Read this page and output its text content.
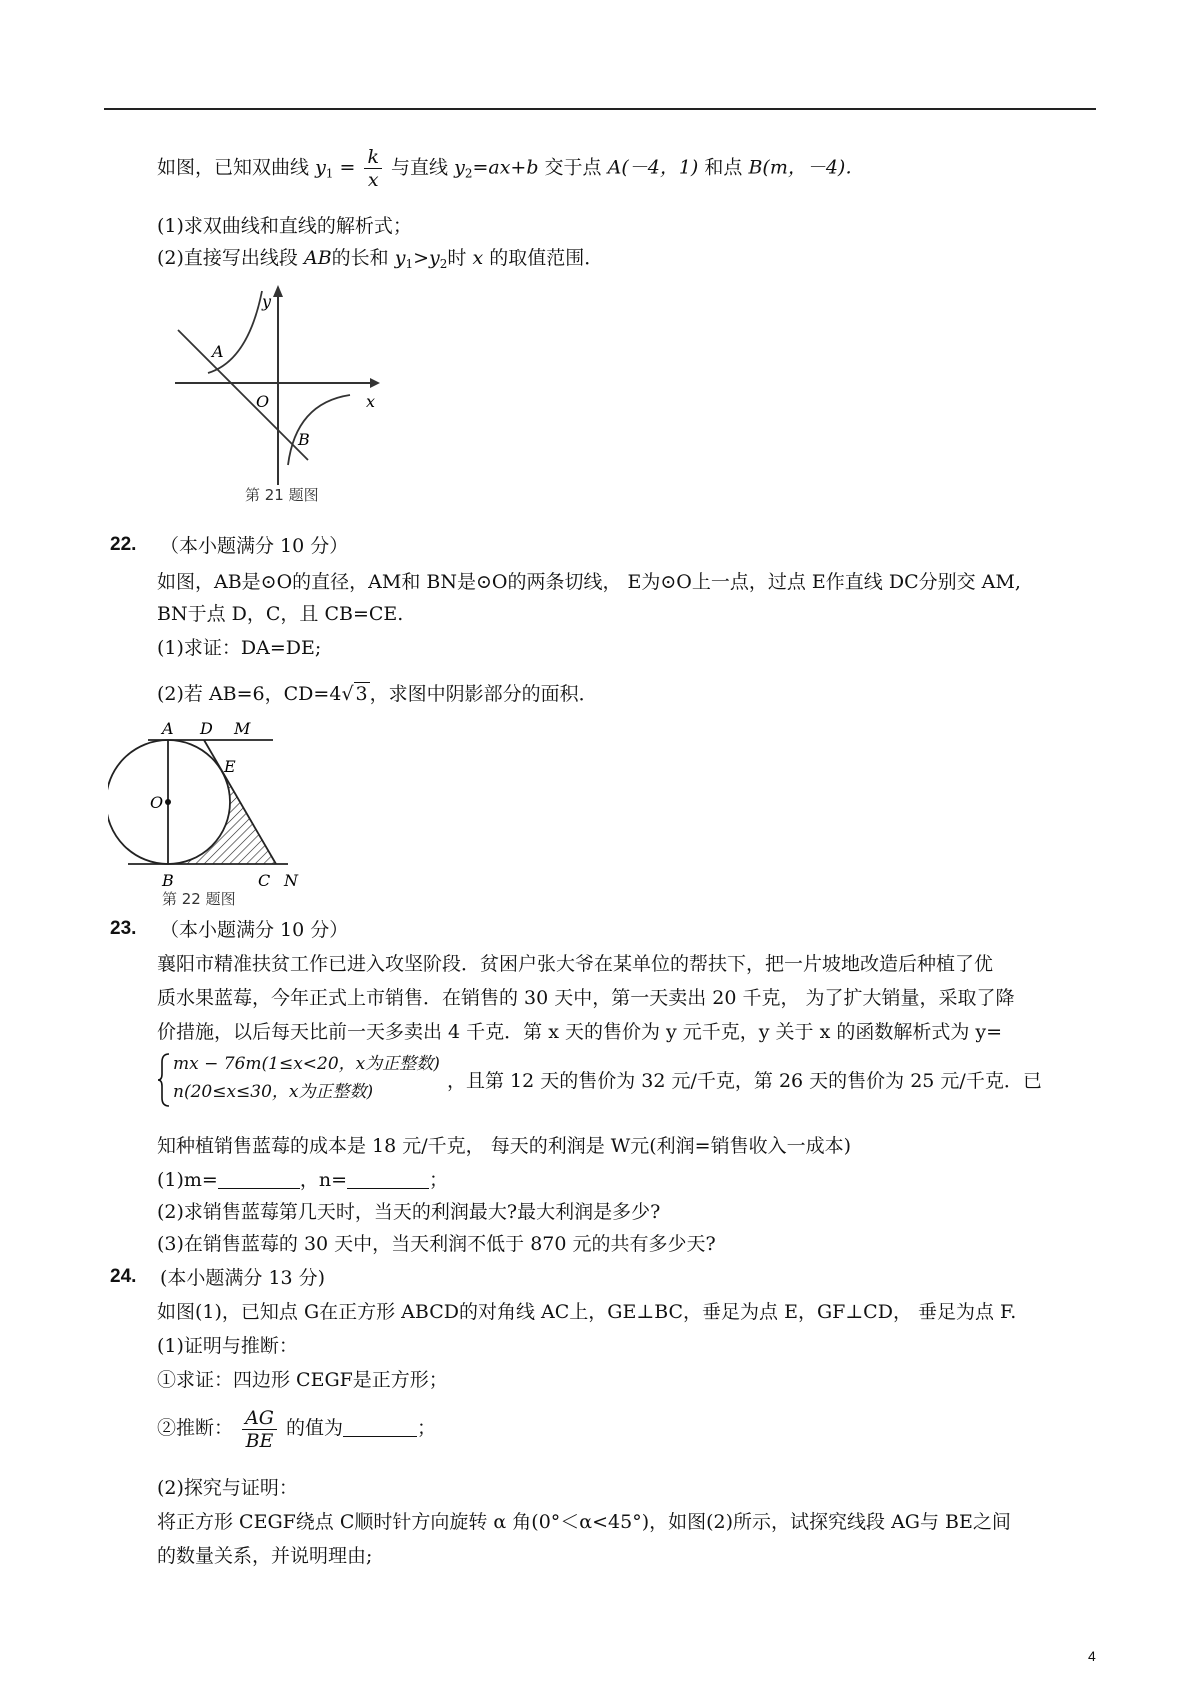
如图，已知双曲线 $y_1 = \frac{k}{x}$ 与直线 $y_2=ax+b$ 交于点 A(－4，1) 和点 B(m，－4)．
(1)求双曲线和直线的解析式；
(2)直接写出线段 AB的长和 $y_1>y_2$时 x 的取值范围．
y
x
O
A
B
第 21 题图
22. （本小题满分 10 分）
如图，AB是⊙O的直径，AM和 BN是⊙O的两条切线， E为⊙O上一点，过点 E作直线 DC分别交 AM,
BN于点 D，C，且 CB=CE.
(1)求证：DA=DE;
(2)若 AB=6，CD=4√ 3 ，求图中阴影部分的面积．
A D M
E
O
B	C N
第 22 题图
23. （本小题满分 10 分）
襄阳市精准扶贫工作已进入攻坚阶段．贫困户张大爷在某单位的帮扶下，把一片坡地改造后种植了优
质水果蓝莓，今年正式上市销售．在销售的 30 天中，第一天卖出 20 千克， 为了扩大销量，采取了降
价措施，以后每天比前一天多卖出 4 千克．第 x 天的售价为 y 元千克，y 关于 x 的函数解析式为 y=
mx − 76m(1≤x<20，x为正整数)
n(20≤x≤30，x为正整数)	，且第 12 天的售价为 32 元/千克，第 26 天的售价为 25 元/千克．已
知种植销售蓝莓的成本是 18 元/千克， 每天的利润是 W元(利润=销售收入一成本)
(1)m=	，n=	；
(2)求销售蓝莓第几天时，当天的利润最大?最大利润是多少?
(3)在销售蓝莓的 30 天中，当天利润不低于 870 元的共有多少天?
24. (本小题满分 13 分)
如图(1)，已知点 G在正方形 ABCD的对角线 AC上，GE⊥BC，垂足为点 E，GF⊥CD， 垂足为点 F.
(1)证明与推断：
①求证：四边形 CEGF是正方形；
②推断： $\frac{AG}{BE}$ 的值为	；
(2)探究与证明：
将正方形 CEGF绕点 C顺时针方向旋转 α 角(0°＜α<45°)，如图(2)所示，试探究线段 AG与 BE之间
的数量关系，并说明理由;
4
